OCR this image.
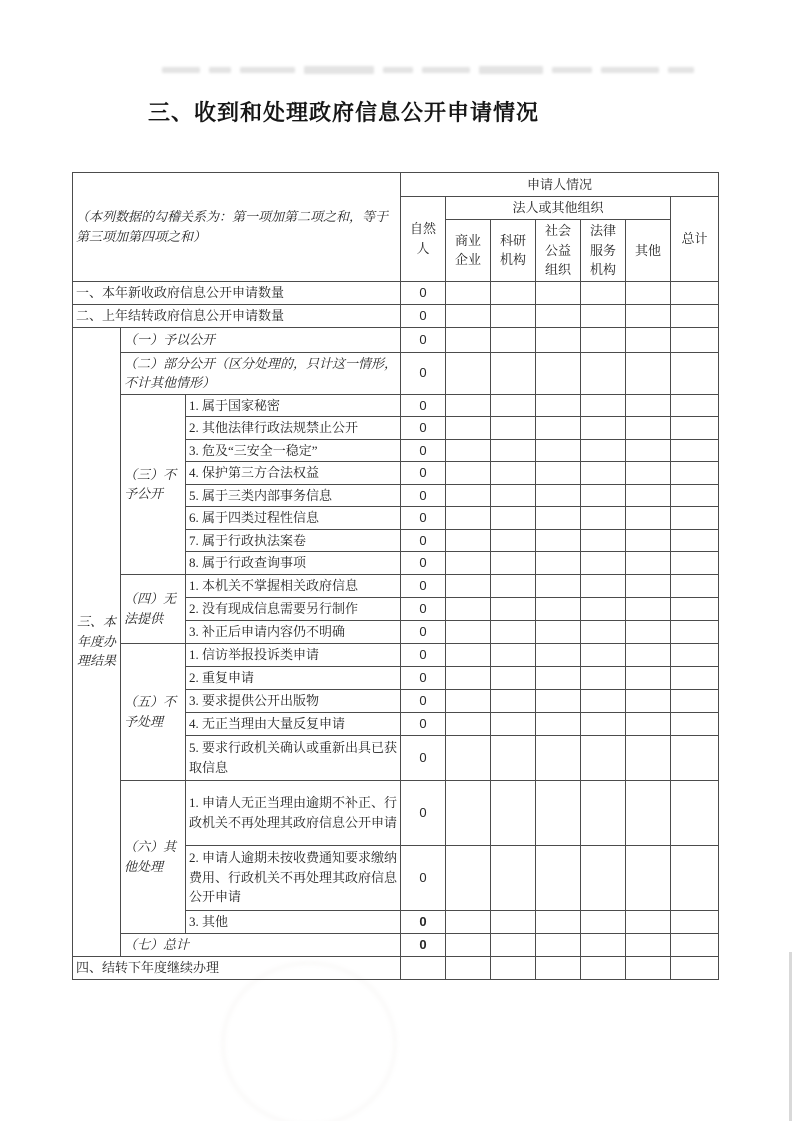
三、收到和处理政府信息公开申请情况
（本列数据的勾稽关系为：第一项加第二项之和，等于第三项加第四项之和）			申请人情况						
			自然人	法人或其他组织					总计
				商业企业	科研机构	社会公益组织	法律服务机构	其他	
一、本年新收政府信息公开申请数量			0						
二、上年结转政府信息公开申请数量			0						
三、本年度办理结果	（一）予以公开		0						
	（二）部分公开（区分处理的，只计这一情形，不计其他情形）		0						
	（三）不予公开	1. 属于国家秘密	0						
		2. 其他法律行政法规禁止公开	0						
		3. 危及“三安全一稳定”	0						
		4. 保护第三方合法权益	0						
		5. 属于三类内部事务信息	0						
		6. 属于四类过程性信息	0						
		7. 属于行政执法案卷	0						
		8. 属于行政查询事项	0						
	（四）无法提供	1. 本机关不掌握相关政府信息	0						
		2. 没有现成信息需要另行制作	0						
		3. 补正后申请内容仍不明确	0						
	（五）不予处理	1. 信访举报投诉类申请	0						
		2. 重复申请	0						
		3. 要求提供公开出版物	0						
		4. 无正当理由大量反复申请	0						
		5. 要求行政机关确认或重新出具已获取信息	0						
	（六）其他处理	1. 申请人无正当理由逾期不补正、行政机关不再处理其政府信息公开申请	0						
		2. 申请人逾期未按收费通知要求缴纳费用、行政机关不再处理其政府信息公开申请	0						
		3. 其他	0						
	（七）总计		0						
四、结转下年度继续办理									
